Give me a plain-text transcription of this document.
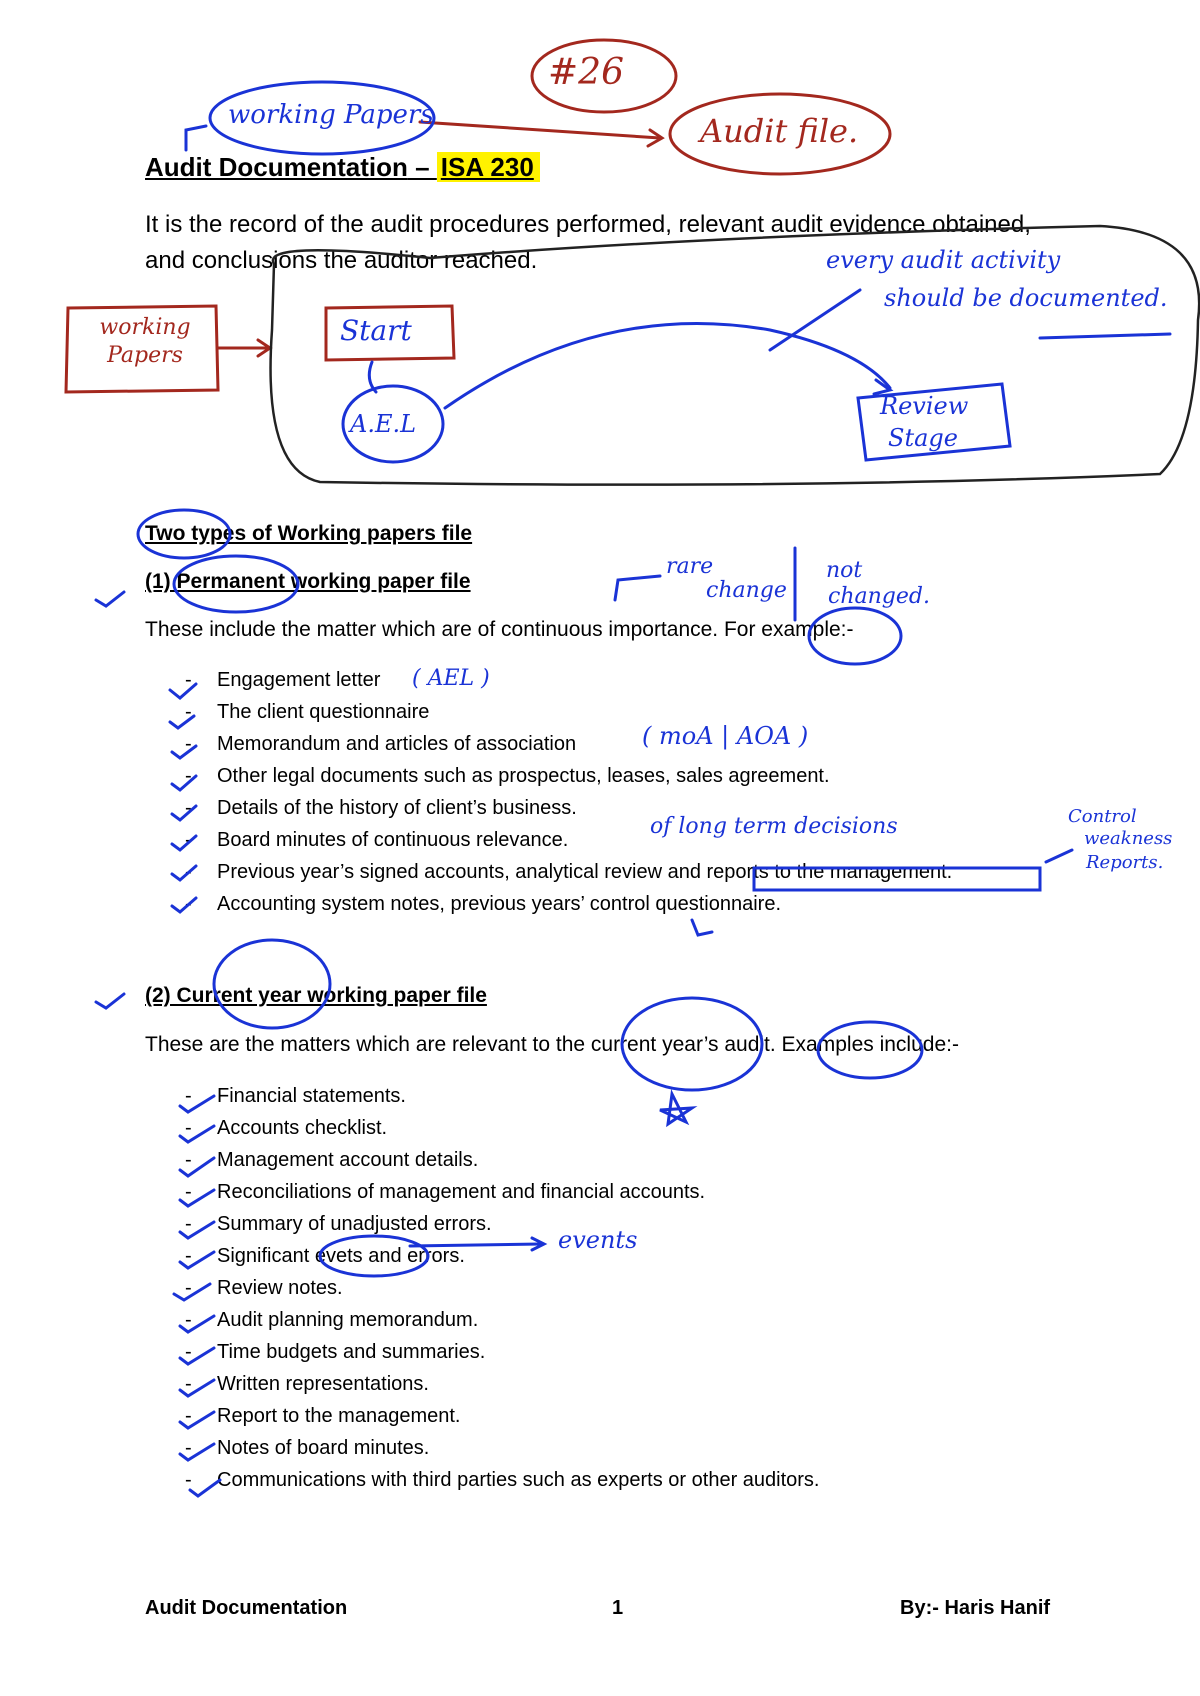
Audit Documentation – ISA 230
It is the record of the audit procedures performed, relevant audit evidence obtained, and conclusions the auditor reached.
Two types of Working papers file
(1) Permanent working paper file
These include the matter which are of continuous importance. For example:-
- Engagement letter
- The client questionnaire
- Memorandum and articles of association
- Other legal documents such as prospectus, leases, sales agreement.
- Details of the history of client’s business.
- Board minutes of continuous relevance.
- Previous year’s signed accounts, analytical review and reports to the management.
- Accounting system notes, previous years’ control questionnaire.
(2) Current year working paper file
These are the matters which are relevant to the current year’s audit. Examples include:-
- Financial statements.
- Accounts checklist.
- Management account details.
- Reconciliations of management and financial accounts.
- Summary of unadjusted errors.
- Significant evets and errors.
- Review notes.
- Audit planning memorandum.
- Time budgets and summaries.
- Written representations.
- Report to the management.
- Notes of board minutes.
- Communications with third parties such as experts or other auditors.
Audit Documentation	1	By:- Haris Hanif
#26
working Papers	Audit file.
every audit activity
should be documented.
working Papers
Start
A.E.L
Review
Stage
rare
change
not
changed.
( AEL )
( moA | AOA )
of long term decisions	Control
weakness
Reports.
events
